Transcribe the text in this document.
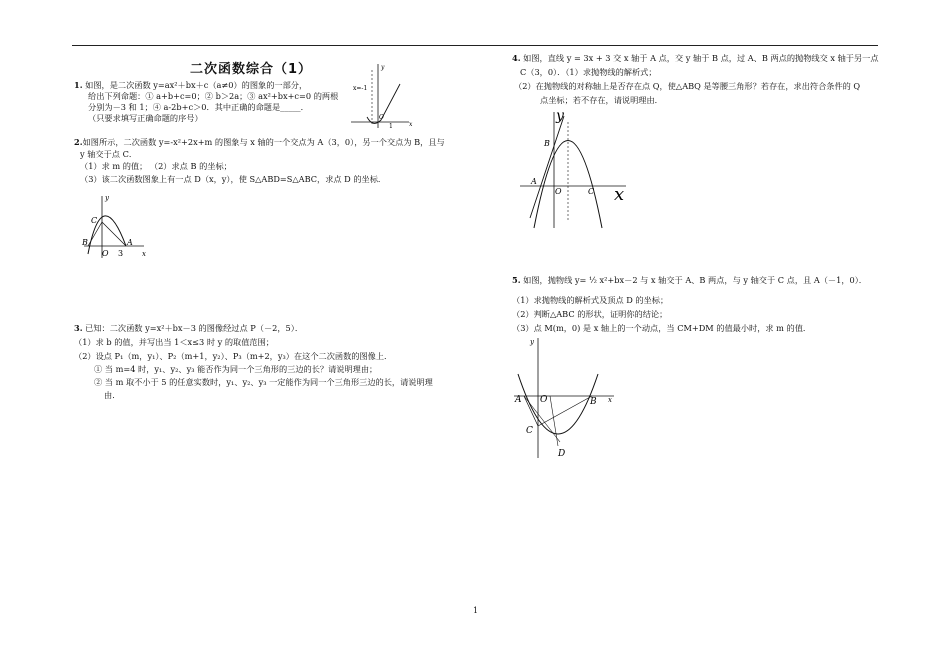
二次函数综合（1）
1. 如图，是二次函数 y=ax²＋bx＋c（a≠0）的图象的一部分，
给出下列命题：① a+b+c=0；② b＞2a；③ ax²+bx+c=0 的两根
分别为－3 和 1；④ a-2b+c＞0．其中正确的命题是_____．
（只要求填写正确命题的序号）
x=-1
y
x
O
1
2.如图所示，二次函数 y=-x²+2x+m 的图象与 x 轴的一个交点为 A（3，0），另一个交点为 B，且与
y 轴交于点 C．
（1）求 m 的值； （2）求点 B 的坐标；
（3）该二次函数图象上有一点 D（x，y），使 S△ABD=S△ABC，求点 D 的坐标．
y
C
B	A
O 3	x
3. 已知：二次函数 y=x²＋bx－3 的图像经过点 P（－2，5）．
（1）求 b 的值，并写出当 1＜x≤3 时 y 的取值范围；
（2）设点 P₁（m，y₁）、P₂（m+1，y₂）、P₃（m+2，y₃）在这个二次函数的图像上．
① 当 m=4 时，y₁、y₂、y₃ 能否作为同一个三角形的三边的长？请说明理由；
② 当 m 取不小于 5 的任意实数时，y₁、y₂、y₃ 一定能作为同一个三角形三边的长，请说明理
由．
4. 如图，直线 y = 3x + 3 交 x 轴于 A 点，交 y 轴于 B 点，过 A、B 两点的抛物线交 x 轴于另一点
C（3，0）．（1）求抛物线的解析式；
（2）在抛物线的对称轴上是否存在点 Q，使△ABQ 是等腰三角形？若存在，求出符合条件的 Q
点坐标；若不存在，请说明理由．
y
B
A
O	C x
5. 如图，抛物线 y= ½ x²+bx－2 与 x 轴交于 A、B 两点，与 y 轴交于 C 点，且 A（－1，0）．
（1）求抛物线的解析式及顶点 D 的坐标；
（2）判断△ABC 的形状，证明你的结论；
（3）点 M(m，0) 是 x 轴上的一个动点，当 CM+DM 的值最小时，求 m 的值．
y
A O	B x
C
D
1
